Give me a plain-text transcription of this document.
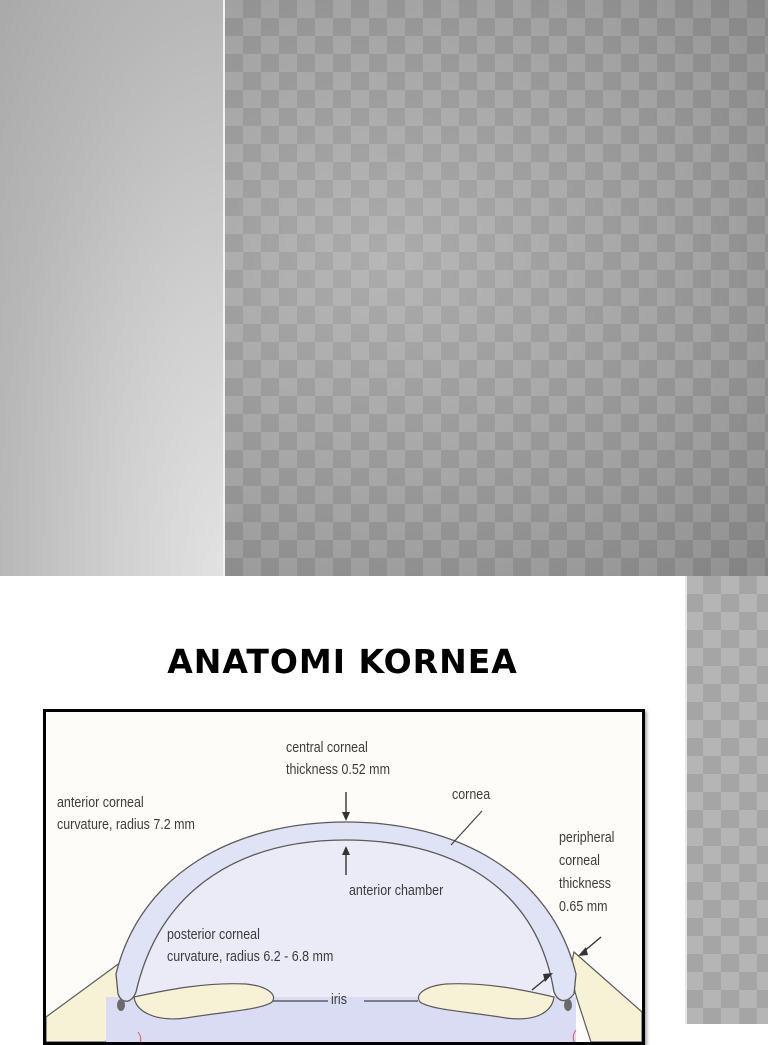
ANATOMI KORNEA
central corneal
thickness 0.52 mm
anterior corneal
curvature, radius 7.2 mm
cornea
peripheral
corneal
thickness
0.65 mm
anterior chamber
posterior corneal
curvature, radius 6.2 - 6.8 mm
iris
